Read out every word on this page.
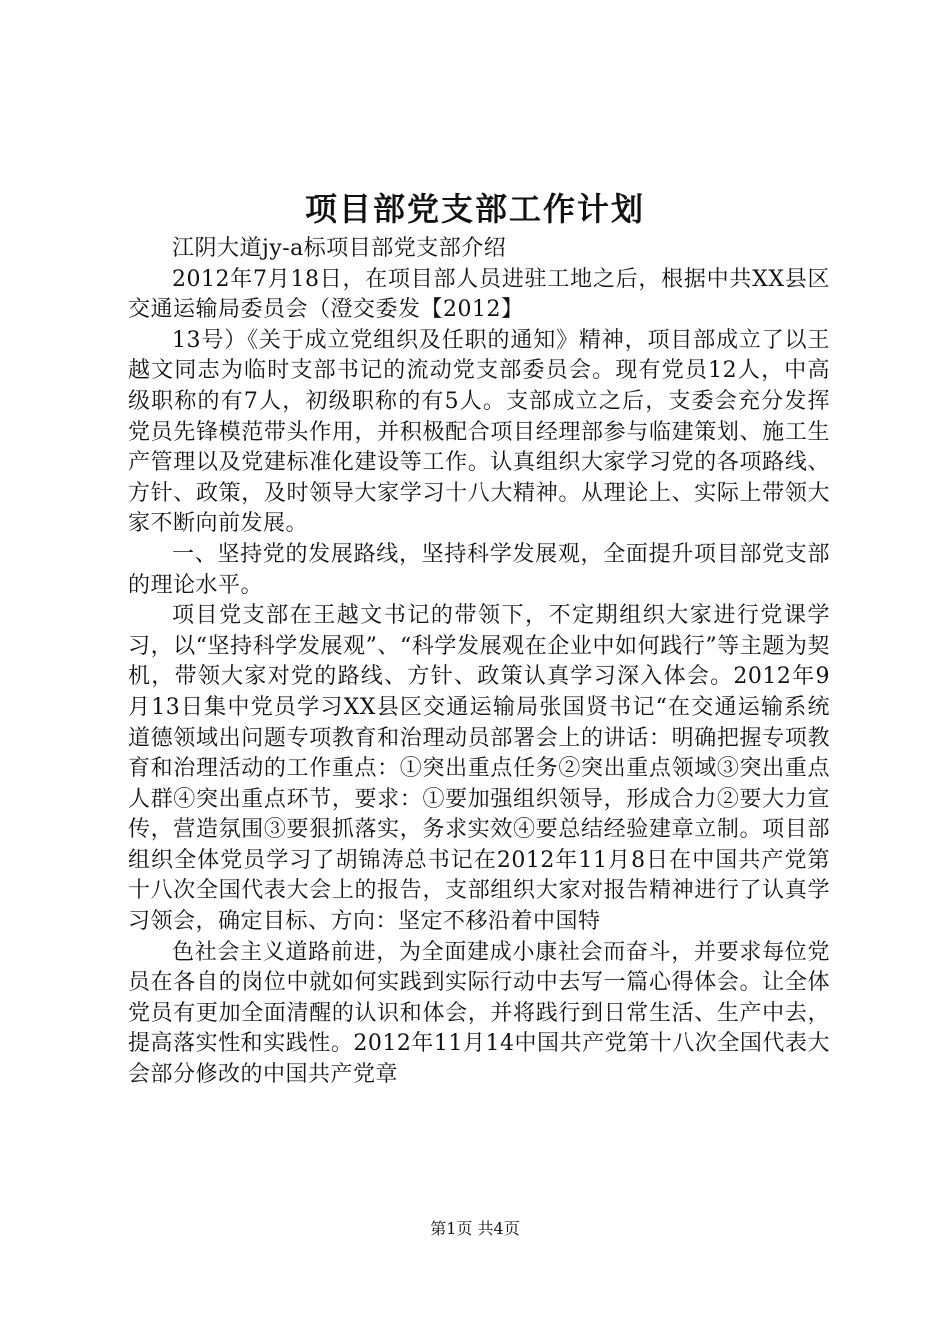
项目部党支部工作计划

江阴大道jy-a标项目部党支部介绍

2012年7月18日，在项目部人员进驻工地之后，根据中共XX县区交通运输局委员会（澄交委发【2012】

13号）《关于成立党组织及任职的通知》精神，项目部成立了以王越文同志为临时支部书记的流动党支部委员会。现有党员12人，中高级职称的有7人，初级职称的有5人。支部成立之后，支委会充分发挥党员先锋模范带头作用，并积极配合项目经理部参与临建策划、施工生产管理以及党建标准化建设等工作。认真组织大家学习党的各项路线、方针、政策，及时领导大家学习十八大精神。从理论上、实际上带领大家不断向前发展。

一、坚持党的发展路线，坚持科学发展观，全面提升项目部党支部的理论水平。

项目党支部在王越文书记的带领下，不定期组织大家进行党课学习，以“坚持科学发展观”、“科学发展观在企业中如何践行”等主题为契机，带领大家对党的路线、方针、政策认真学习深入体会。2012年9月13日集中党员学习XX县区交通运输局张国贤书记“在交通运输系统道德领域出问题专项教育和治理动员部署会上的讲话：明确把握专项教育和治理活动的工作重点：①突出重点任务②突出重点领域③突出重点人群④突出重点环节，要求：①要加强组织领导，形成合力②要大力宣传，营造氛围③要狠抓落实，务求实效④要总结经验建章立制。项目部组织全体党员学习了胡锦涛总书记在2012年11月8日在中国共产党第十八次全国代表大会上的报告，支部组织大家对报告精神进行了认真学习领会，确定目标、方向：坚定不移沿着中国特

色社会主义道路前进，为全面建成小康社会而奋斗，并要求每位党员在各自的岗位中就如何实践到实际行动中去写一篇心得体会。让全体党员有更加全面清醒的认识和体会，并将践行到日常生活、生产中去，提高落实性和实践性。2012年11月14中国共产党第十八次全国代表大会部分修改的中国共产党章

第1页 共4页
